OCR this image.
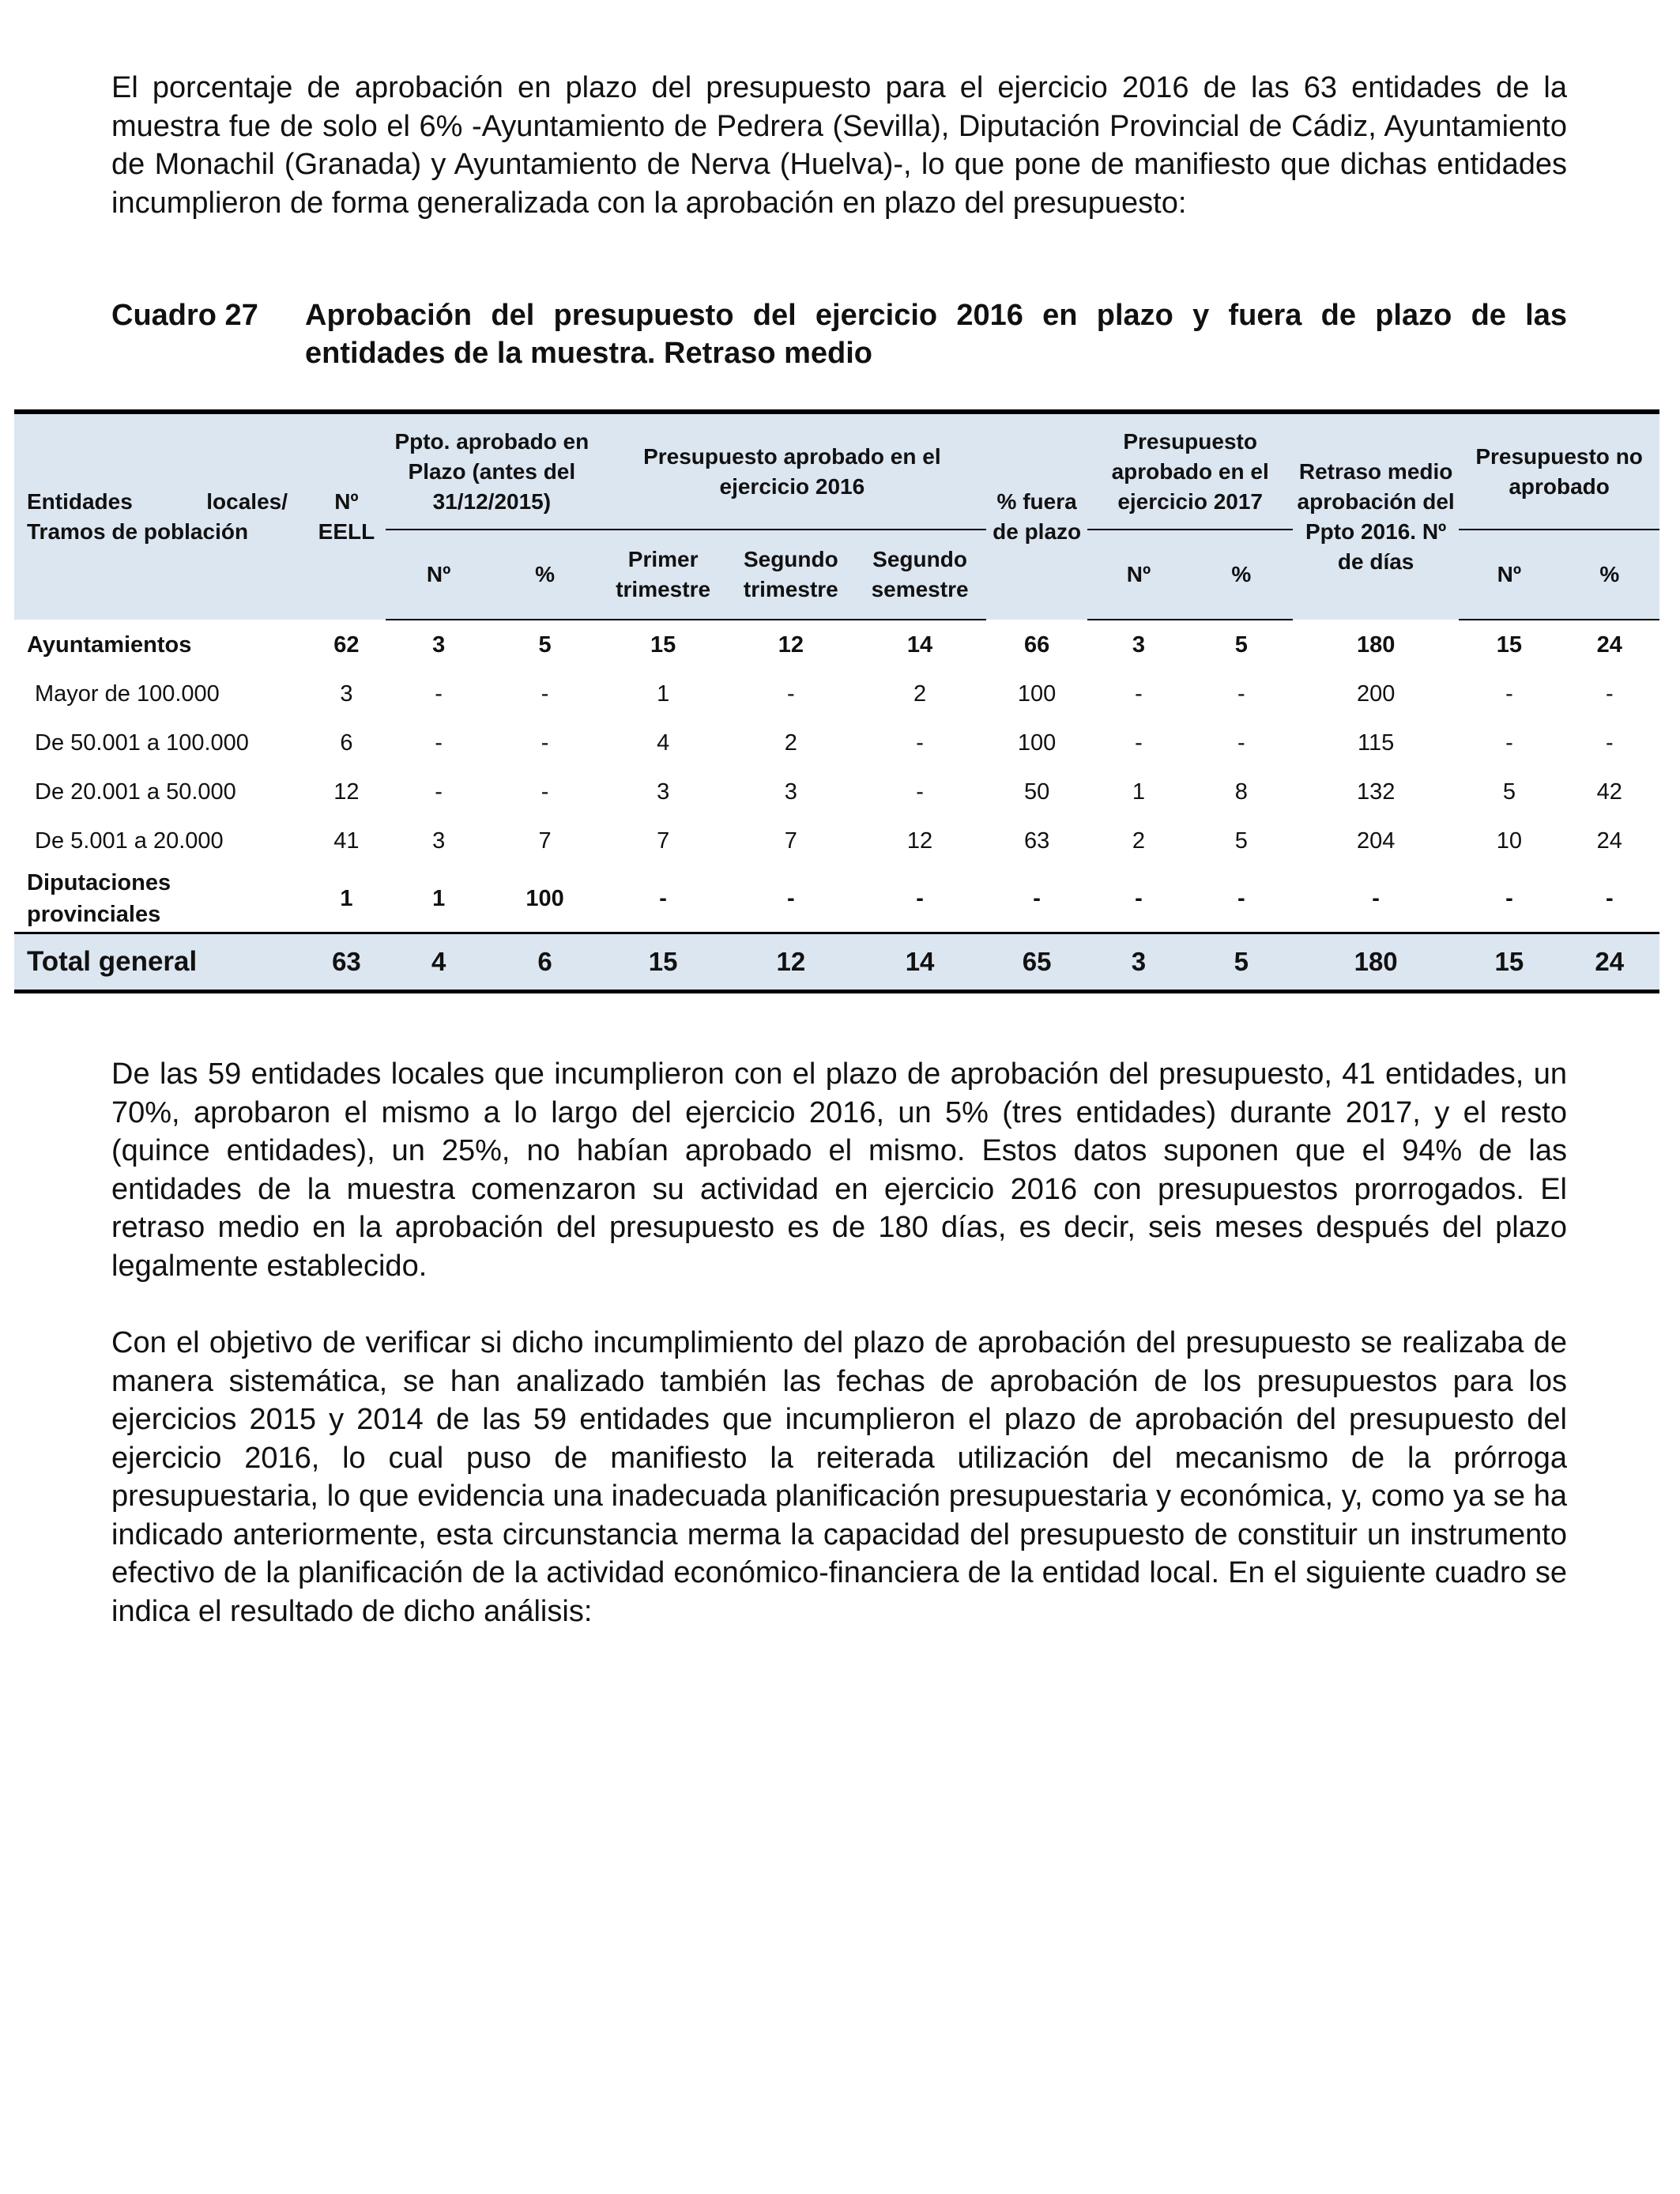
El porcentaje de aprobación en plazo del presupuesto para el ejercicio 2016 de las 63 entidades de la muestra fue de solo el 6% -Ayuntamiento de Pedrera (Sevilla), Diputación Provincial de Cádiz, Ayuntamiento de Monachil (Granada) y Ayuntamiento de Nerva (Huelva)-, lo que pone de manifiesto que dichas entidades incumplieron de forma generalizada con la aprobación en plazo del presupuesto:

Cuadro 27 Aprobación del presupuesto del ejercicio 2016 en plazo y fuera de plazo de las entidades de la muestra. Retraso medio
Entidades locales/
Tramos de población	Nº EELL	Ppto. aprobado en Plazo (antes del 31/12/2015)		Presupuesto aprobado en el ejercicio 2016			% fuera de plazo	Presupuesto aprobado en el ejercicio 2017		Retraso medio aprobación del Ppto 2016. Nº de días	Presupuesto no aprobado	
		Nº	%	Primer trimestre	Segundo trimestre	Segundo semestre		Nº	%		Nº	%
Ayuntamientos	62	3	5	15	12	14	66	3	5	180	15	24
Mayor de 100.000	3	-	-	1	-	2	100	-	-	200	-	-
De 50.001 a 100.000	6	-	-	4	2	-	100	-	-	115	-	-
De 20.001 a 50.000	12	-	-	3	3	-	50	1	8	132	5	42
De 5.001 a 20.000	41	3	7	7	7	12	63	2	5	204	10	24
Diputaciones provinciales	1	1	100	-	-	-	-	-	-	-	-	-
Total general	63	4	6	15	12	14	65	3	5	180	15	24

De las 59 entidades locales que incumplieron con el plazo de aprobación del presupuesto, 41 entidades, un 70%, aprobaron el mismo a lo largo del ejercicio 2016, un 5% (tres entidades) durante 2017, y el resto (quince entidades), un 25%, no habían aprobado el mismo. Estos datos suponen que el 94% de las entidades de la muestra comenzaron su actividad en ejercicio 2016 con presupuestos prorrogados. El retraso medio en la aprobación del presupuesto es de 180 días, es decir, seis meses después del plazo legalmente establecido.

Con el objetivo de verificar si dicho incumplimiento del plazo de aprobación del presupuesto se realizaba de manera sistemática, se han analizado también las fechas de aprobación de los presupuestos para los ejercicios 2015 y 2014 de las 59 entidades que incumplieron el plazo de aprobación del presupuesto del ejercicio 2016, lo cual puso de manifiesto la reiterada utilización del mecanismo de la prórroga presupuestaria, lo que evidencia una inadecuada planificación presupuestaria y económica, y, como ya se ha indicado anteriormente, esta circunstancia merma la capacidad del presupuesto de constituir un instrumento efectivo de la planificación de la actividad económico-financiera de la entidad local. En el siguiente cuadro se indica el resultado de dicho análisis:
